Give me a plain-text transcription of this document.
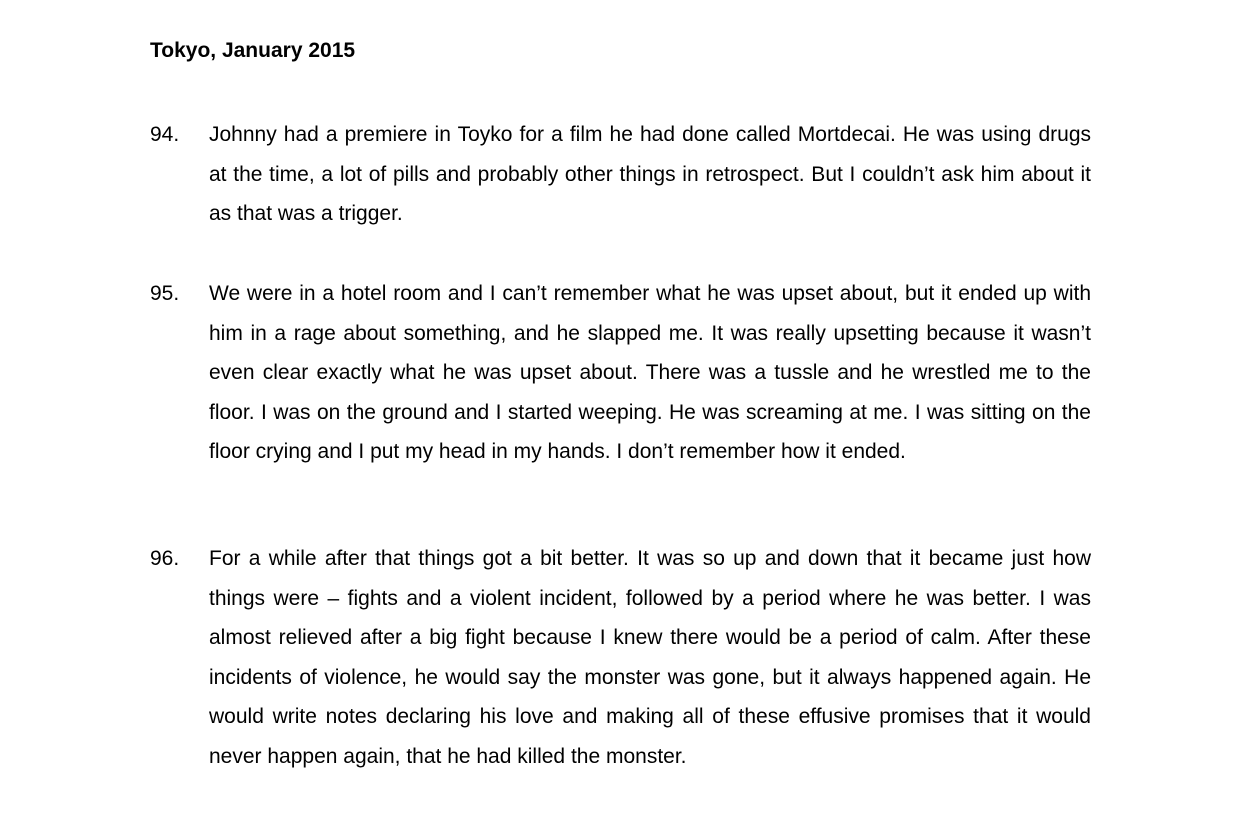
Tokyo, January 2015
94. Johnny had a premiere in Toyko for a film he had done called Mortdecai. He was using drugs at the time, a lot of pills and probably other things in retrospect. But I couldn’t ask him about it as that was a trigger.
95. We were in a hotel room and I can’t remember what he was upset about, but it ended up with him in a rage about something, and he slapped me. It was really upsetting because it wasn’t even clear exactly what he was upset about. There was a tussle and he wrestled me to the floor. I was on the ground and I started weeping. He was screaming at me. I was sitting on the floor crying and I put my head in my hands. I don’t remember how it ended.
96. For a while after that things got a bit better. It was so up and down that it became just how things were – fights and a violent incident, followed by a period where he was better. I was almost relieved after a big fight because I knew there would be a period of calm. After these incidents of violence, he would say the monster was gone, but it always happened again. He would write notes declaring his love and making all of these effusive promises that it would never happen again, that he had killed the monster.
